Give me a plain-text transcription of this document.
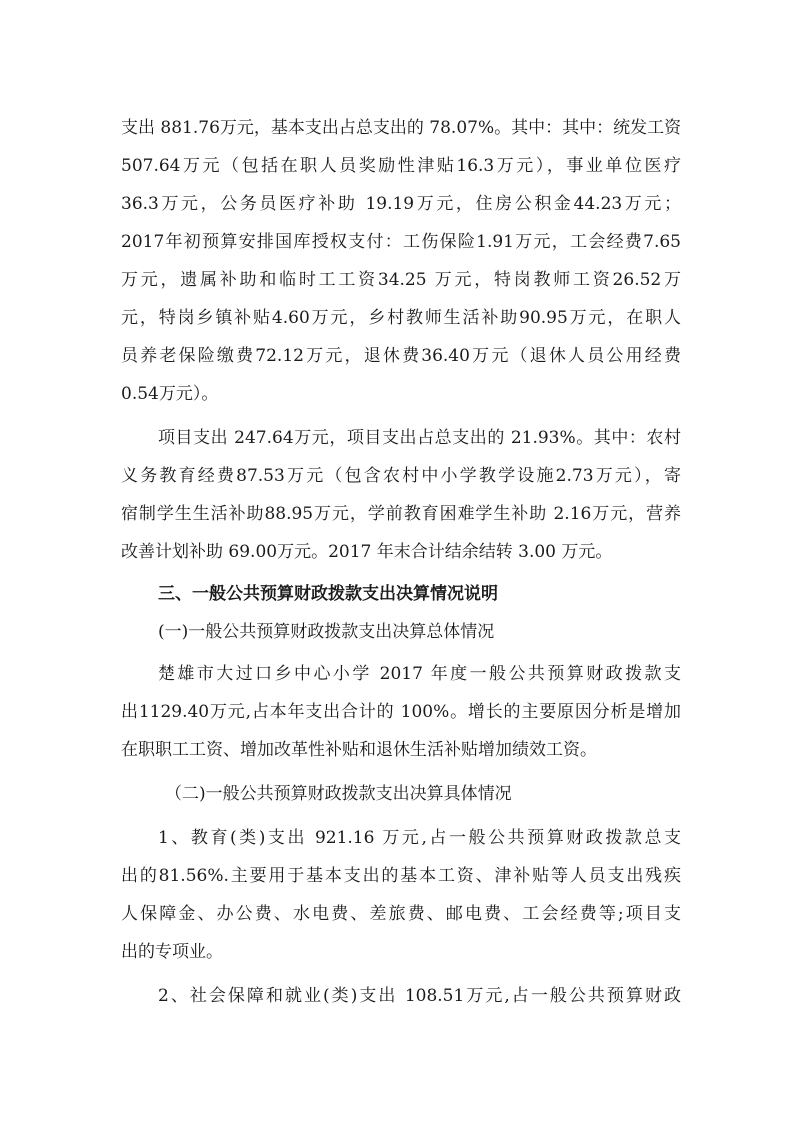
支出 881.76万元，基本支出占总支出的 78.07%。其中：其中：统发工资
507.64万元（包括在职人员奖励性津贴16.3万元），事业单位医疗
36.3万元，公务员医疗补助 19.19万元，住房公积金44.23万元；
2017年初预算安排国库授权支付：工伤保险1.91万元，工会经费7.65
万元，遗属补助和临时工工资34.25 万元，特岗教师工资26.52万
元，特岗乡镇补贴4.60万元，乡村教师生活补助90.95万元，在职人
员养老保险缴费72.12万元，退休费36.40万元（退休人员公用经费
0.54万元）。
项目支出 247.64万元，项目支出占总支出的 21.93%。其中：农村
义务教育经费87.53万元（包含农村中小学教学设施2.73万元），寄
宿制学生生活补助88.95万元，学前教育困难学生补助 2.16万元，营养
改善计划补助 69.00万元。2017 年末合计结余结转 3.00 万元。
三、一般公共预算财政拨款支出决算情况说明
(一)一般公共预算财政拨款支出决算总体情况
楚雄市大过口乡中心小学 2017 年度一般公共预算财政拨款支
出1129.40万元,占本年支出合计的 100%。增长的主要原因分析是增加
在职职工工资、增加改革性补贴和退休生活补贴增加绩效工资。
（二)一般公共预算财政拨款支出决算具体情况
1、教育(类)支出 921.16 万元,占一般公共预算财政拨款总支
出的81.56%.主要用于基本支出的基本工资、津补贴等人员支出残疾
人保障金、办公费、水电费、差旅费、邮电费、工会经费等;项目支
出的专项业。
2、社会保障和就业(类)支出 108.51万元,占一般公共预算财政
